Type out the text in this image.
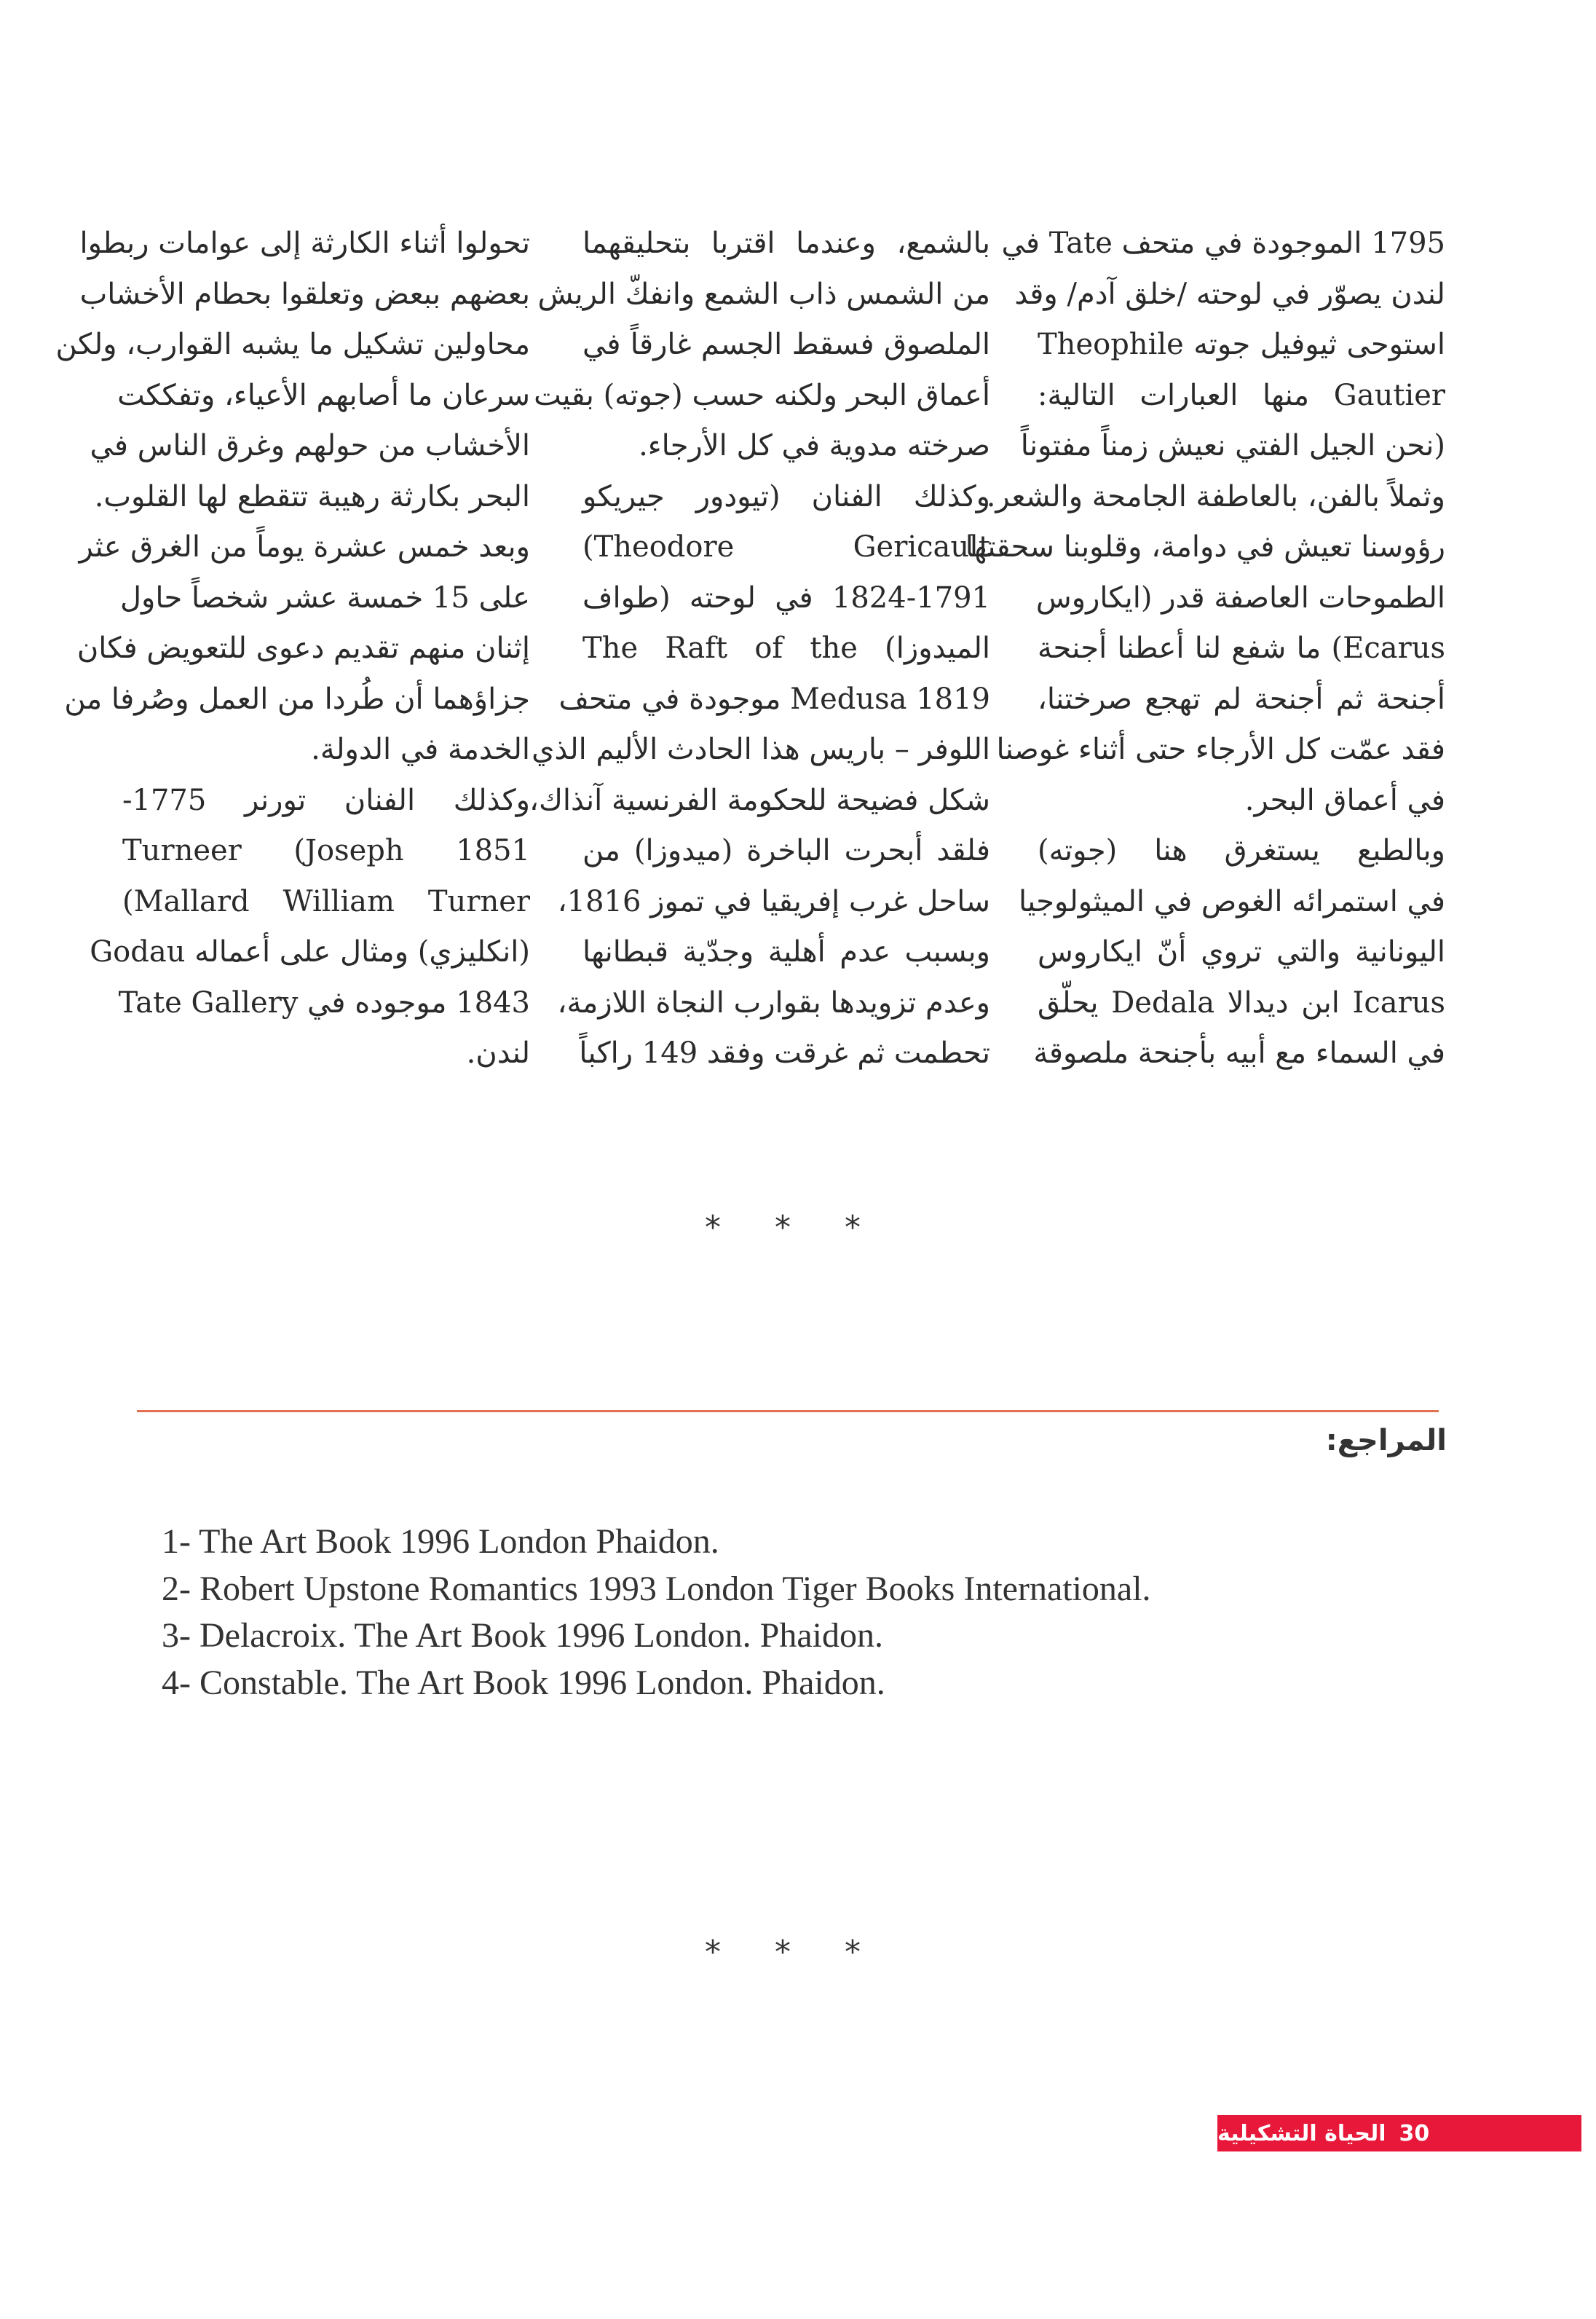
1795 الموجودة في متحف Tate في
لندن يصوّر في لوحته /خلق آدم/ وقد
استوحى ثيوفيل جوته Theophile
Gautier منها العبارات التالية:
(نحن الجيل الفتي نعيش زمناً مفتوناً
وثملاً بالفن، بالعاطفة الجامحة والشعر.
رؤوسنا تعيش في دوامة، وقلوبنا سحقتها
الطموحات العاصفة قدر (ايكاروس
Ecarus) ما شفع لنا أعطنا أجنحة
أجنحة ثم أجنحة لم تهجع صرختنا،
فقد عمّت كل الأرجاء حتى أثناء غوصنا
في أعماق البحر.
وبالطبع يستغرق هنا (جوته)
في استمرائه الغوص في الميثولوجيا
اليونانية والتي تروي أنّ ايكاروس
Icarus ابن ديدالا Dedala يحلّق
في السماء مع أبيه بأجنحة ملصوقة

بالشمع، وعندما اقتربا بتحليقهما
من الشمس ذاب الشمع وانفكّ الريش
الملصوق فسقط الجسم غارقاً في
أعماق البحر ولكنه حسب (جوته) بقيت
صرخته مدوية في كل الأرجاء.
وكذلك الفنان (تيودور جيريكو
Theodore Gericault)
1824-1791 في لوحته (طواف
الميدوزا) The Raft of the
Medusa 1819 موجودة في متحف
اللوفر – باريس هذا الحادث الأليم الذي
شكل فضيحة للحكومة الفرنسية آنذاك،
فلقد أبحرت الباخرة (ميدوزا) من
ساحل غرب إفريقيا في تموز 1816،
وبسبب عدم أهلية وجدّية قبطانها
وعدم تزويدها بقوارب النجاة اللازمة،
تحطمت ثم غرقت وفقد 149 راكباً

تحولوا أثناء الكارثة إلى عوامات ربطوا
بعضهم ببعض وتعلقوا بحطام الأخشاب
محاولين تشكيل ما يشبه القوارب، ولكن
سرعان ما أصابهم الأعياء، وتفككت
الأخشاب من حولهم وغرق الناس في
البحر بكارثة رهيبة تتقطع لها القلوب.
وبعد خمس عشرة يوماً من الغرق عثر
على 15 خمسة عشر شخصاً حاول
إثنان منهم تقديم دعوى للتعويض فكان
جزاؤهما أن طُردا من العمل وصُرفا من
الخدمة في الدولة.
وكذلك الفنان تورنر 1775-
1851 Turneer (Joseph
Mallard William Turner)
(انكليزي) ومثال على أعماله Godau
1843 موجوده في Tate Gallery
لندن.

* * *
المراجع:
1- The Art Book 1996 London Phaidon.
2- Robert Upstone Romantics 1993 London Tiger Books International.
3- Delacroix. The Art Book 1996 London. Phaidon.
4- Constable. The Art Book 1996 London. Phaidon.
* * *
30
الحياة التشكيلية
